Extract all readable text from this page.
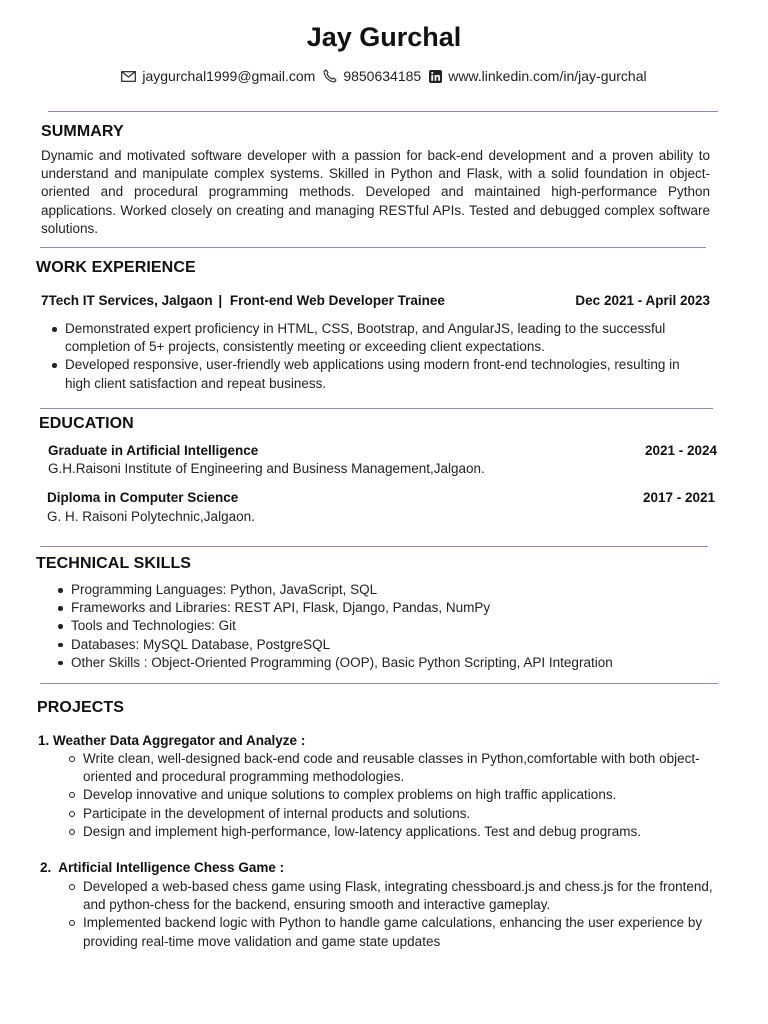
Jay Gurchal
jaygurchal1999@gmail.com 9850634185 www.linkedin.com/in/jay-gurchal
SUMMARY
Dynamic and motivated software developer with a passion for back-end development and a proven ability to understand and manipulate complex systems. Skilled in Python and Flask, with a solid foundation in object-oriented and procedural programming methods. Developed and maintained high-performance Python applications. Worked closely on creating and managing RESTful APIs. Tested and debugged complex software solutions.
WORK EXPERIENCE
7Tech IT Services, Jalgaon | Front-end Web Developer Trainee	Dec 2021 - April 2023
Demonstrated expert proficiency in HTML, CSS, Bootstrap, and AngularJS, leading to the successful completion of 5+ projects, consistently meeting or exceeding client expectations.
Developed responsive, user-friendly web applications using modern front-end technologies, resulting in high client satisfaction and repeat business.
EDUCATION
Graduate in Artificial Intelligence	2021 - 2024
G.H.Raisoni Institute of Engineering and Business Management,Jalgaon.
Diploma in Computer Science	2017 - 2021
G. H. Raisoni Polytechnic,Jalgaon.
TECHNICAL SKILLS
Programming Languages: Python, JavaScript, SQL
Frameworks and Libraries: REST API, Flask, Django, Pandas, NumPy
Tools and Technologies: Git
Databases: MySQL Database, PostgreSQL
Other Skills : Object-Oriented Programming (OOP), Basic Python Scripting, API Integration
PROJECTS
1. Weather Data Aggregator and Analyze :
Write clean, well-designed back-end code and reusable classes in Python,comfortable with both object-oriented and procedural programming methodologies.
Develop innovative and unique solutions to complex problems on high traffic applications.
Participate in the development of internal products and solutions.
Design and implement high-performance, low-latency applications. Test and debug programs.
2.  Artificial Intelligence Chess Game :
Developed a web-based chess game using Flask, integrating chessboard.js and chess.js for the frontend, and python-chess for the backend, ensuring smooth and interactive gameplay.
Implemented backend logic with Python to handle game calculations, enhancing the user experience by providing real-time move validation and game state updates
